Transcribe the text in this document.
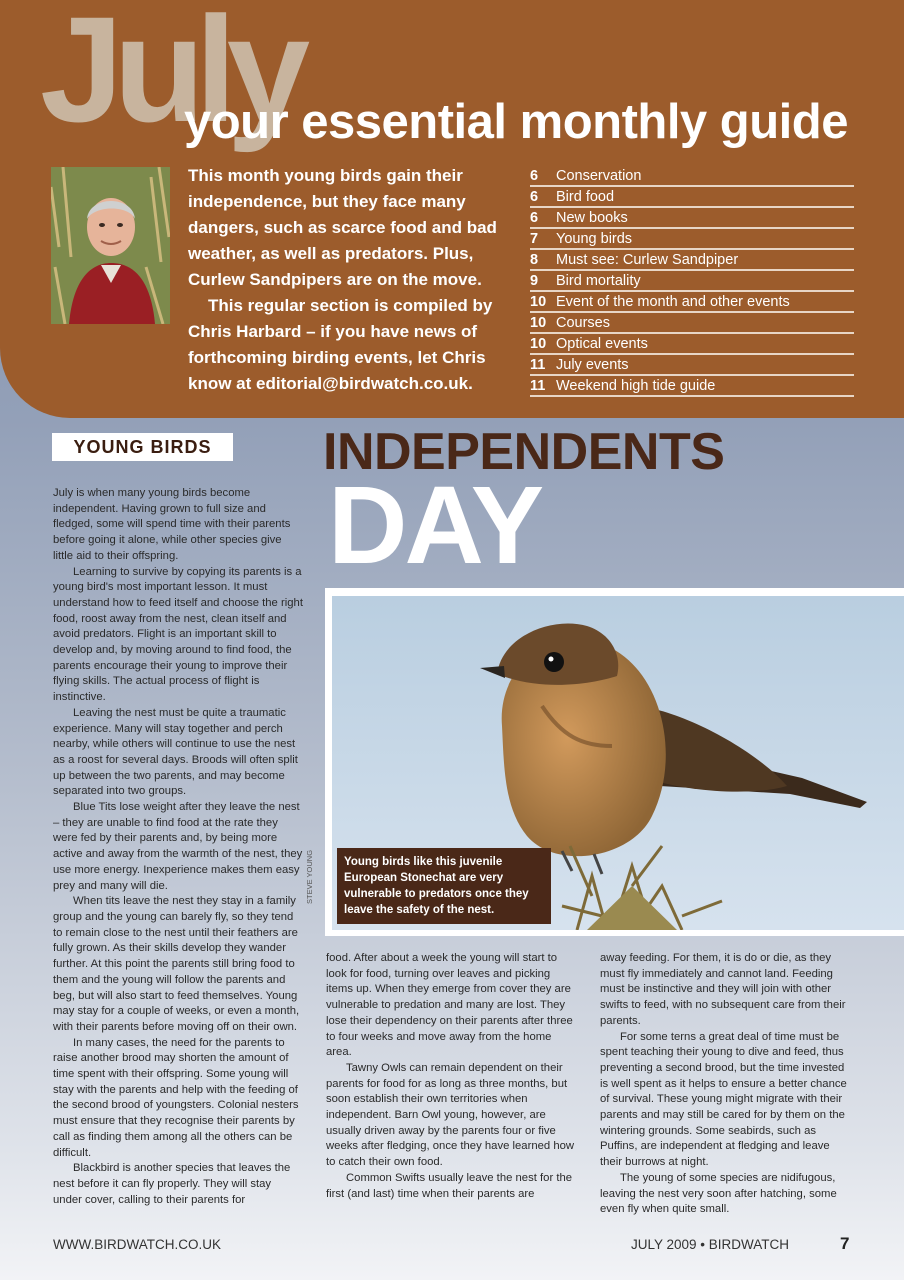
July
your essential monthly guide

This month young birds gain their independence, but they face many dangers, such as scarce food and bad weather, as well as predators. Plus, Curlew Sandpipers are on the move.

This regular section is compiled by Chris Harbard – if you have news of forthcoming birding events, let Chris know at editorial@birdwatch.co.uk.

6 Conservation
6 Bird food
6 New books
7 Young birds
8 Must see: Curlew Sandpiper
9 Bird mortality
10 Event of the month and other events
10 Courses
10 Optical events
11 July events
11 Weekend high tide guide
YOUNG BIRDS	INDEPENDENTS
DAY

July is when many young birds become independent. Having grown to full size and fledged, some will spend time with their parents before going it alone, while other species give little aid to their offspring.

Learning to survive by copying its parents is a young bird's most important lesson. It must understand how to feed itself and choose the right food, roost away from the nest, clean itself and avoid predators. Flight is an important skill to develop and, by moving around to find food, the parents encourage their young to improve their flying skills. The actual process of flight is instinctive.

Leaving the nest must be quite a traumatic experience. Many will stay together and perch nearby, while others will continue to use the nest as a roost for several days. Broods will often split up between the two parents, and may become separated into two groups.

Blue Tits lose weight after they leave the nest – they are unable to find food at the rate they were fed by their parents and, by being more active and away from the warmth of the nest, they use more energy. Inexperience makes them easy prey and many will die.

When tits leave the nest they stay in a family group and the young can barely fly, so they tend to remain close to the nest until their feathers are fully grown. As their skills develop they wander further. At this point the parents still bring food to them and the young will follow the parents and beg, but will also start to feed themselves. Young may stay for a couple of weeks, or even a month, with their parents before moving off on their own.

In many cases, the need for the parents to raise another brood may shorten the amount of time spent with their offspring. Some young will stay with the parents and help with the feeding of the second brood of youngsters. Colonial nesters must ensure that they recognise their parents by call as finding them among all the others can be difficult.

Blackbird is another species that leaves the nest before it can fly properly. They will stay under cover, calling to their parents for

Young birds like this juvenile European Stonechat are very vulnerable to predators once they leave the safety of the nest.

STEVE YOUNG

food. After about a week the young will start to look for food, turning over leaves and picking items up. When they emerge from cover they are vulnerable to predation and many are lost. They lose their dependency on their parents after three to four weeks and move away from the home area.

Tawny Owls can remain dependent on their parents for food for as long as three months, but soon establish their own territories when independent. Barn Owl young, however, are usually driven away by the parents four or five weeks after fledging, once they have learned how to catch their own food.

Common Swifts usually leave the nest for the first (and last) time when their parents are

away feeding. For them, it is do or die, as they must fly immediately and cannot land. Feeding must be instinctive and they will join with other swifts to feed, with no subsequent care from their parents.

For some terns a great deal of time must be spent teaching their young to dive and feed, thus preventing a second brood, but the time invested is well spent as it helps to ensure a better chance of survival. These young might migrate with their parents and may still be cared for by them on the wintering grounds. Some seabirds, such as Puffins, are independent at fledging and leave their burrows at night.

The young of some species are nidifugous, leaving the nest very soon after hatching, some even fly when quite small.

WWW.BIRDWATCH.CO.UK	JULY 2009 • BIRDWATCH	7
